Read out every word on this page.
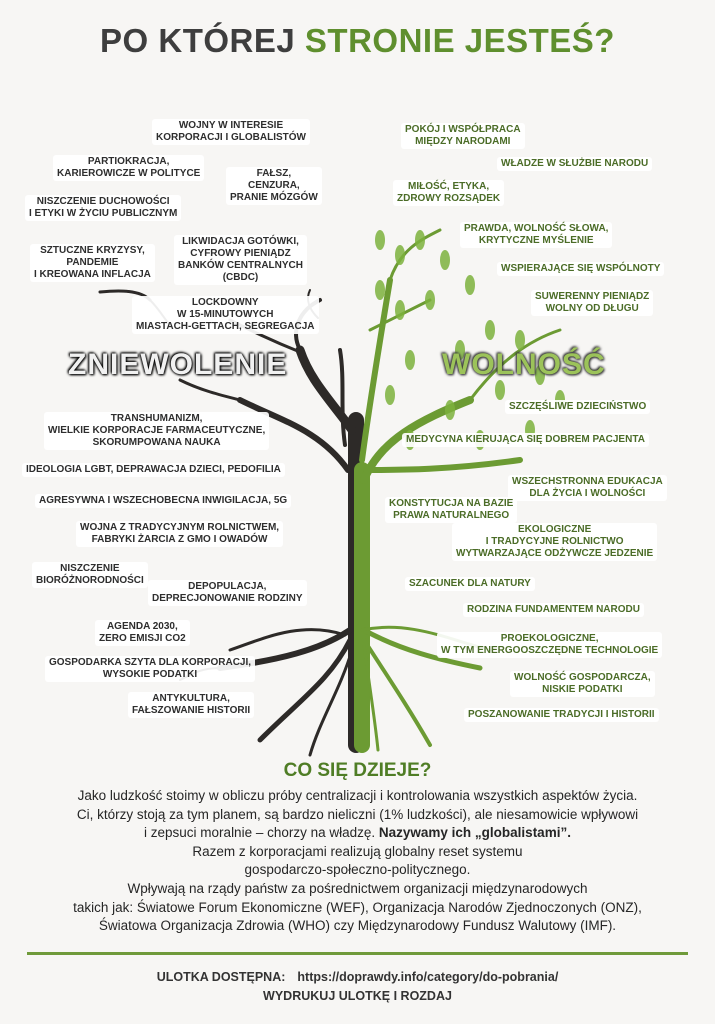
PO KTÓREJ STRONIE JESTEŚ?
ZNIEWOLENIE	WOLNOŚĆ
WOJNY W INTERESIE
KORPORACJI I GLOBALISTÓW
PARTIOKRACJA,
KARIEROWICZE W POLITYCE	FAŁSZ,
CENZURA,
PRANIE MÓZGÓW
NISZCZENIE DUCHOWOŚCI
I ETYKI W ŻYCIU PUBLICZNYM
SZTUCZNE KRYZYSY,
PANDEMIE
I KREOWANA INFLACJA
LIKWIDACJA GOTÓWKI,
CYFROWY PIENIĄDZ
BANKÓW CENTRALNYCH
(CBDC)
LOCKDOWNY
W 15-MINUTOWYCH
MIASTACH-GETTACH, SEGREGACJA
TRANSHUMANIZM,
WIELKIE KORPORACJE FARMACEUTYCZNE,
SKORUMPOWANA NAUKA
IDEOLOGIA LGBT, DEPRAWACJA DZIECI, PEDOFILIA
AGRESYWNA I WSZECHOBECNA INWIGILACJA, 5G
WOJNA Z TRADYCYJNYM ROLNICTWEM,
FABRYKI ŻARCIA Z GMO I OWADÓW
NISZCZENIE
BIORÓŻNORODNOŚCI
DEPOPULACJA,
DEPRECJONOWANIE RODZINY
AGENDA 2030,
ZERO EMISJI CO2
GOSPODARKA SZYTA DLA KORPORACJI,
WYSOKIE PODATKI
ANTYKULTURA,
FAŁSZOWANIE HISTORII
POKÓJ I WSPÓŁPRACA
MIĘDZY NARODAMI
WŁADZE W SŁUŻBIE NARODU
MIŁOŚĆ, ETYKA,
ZDROWY ROZSĄDEK
PRAWDA, WOLNOŚĆ SŁOWA,
KRYTYCZNE MYŚLENIE
WSPIERAJĄCE SIĘ WSPÓLNOTY
SUWERENNY PIENIĄDZ
WOLNY OD DŁUGU
SZCZĘŚLIWE DZIECIŃSTWO
MEDYCYNA KIERUJĄCA SIĘ DOBREM PACJENTA
WSZECHSTRONNA EDUKACJA
DLA ŻYCIA I WOLNOŚCI
KONSTYTUCJA NA BAZIE
PRAWA NATURALNEGO
EKOLOGICZNE
I TRADYCYJNE ROLNICTWO
WYTWARZAJĄCE ODŻYWCZE JEDZENIE
SZACUNEK DLA NATURY
RODZINA FUNDAMENTEM NARODU
PROEKOLOGICZNE,
W TYM ENERGOOSZCZĘDNE TECHNOLOGIE
WOLNOŚĆ GOSPODARCZA,
NISKIE PODATKI
POSZANOWANIE TRADYCJI I HISTORII
CO SIĘ DZIEJE?

Jako ludzkość stoimy w obliczu próby centralizacji i kontrolowania wszystkich aspektów życia.

Ci, którzy stoją za tym planem, są bardzo nieliczni (1% ludzkości), ale niesamowicie wpływowi

i zepsuci moralnie – chorzy na władzę. Nazywamy ich „globalistami”.

Razem z korporacjami realizują globalny reset systemu

gospodarczo-społeczno-politycznego.

Wpływają na rządy państw za pośrednictwem organizacji międzynarodowych

takich jak: Światowe Forum Ekonomiczne (WEF), Organizacja Narodów Zjednoczonych (ONZ),

Światowa Organizacja Zdrowia (WHO) czy Międzynarodowy Fundusz Walutowy (IMF).

ULOTKA DOSTĘPNA: https://doprawdy.info/category/do-pobrania/
WYDRUKUJ ULOTKĘ I ROZDAJ
